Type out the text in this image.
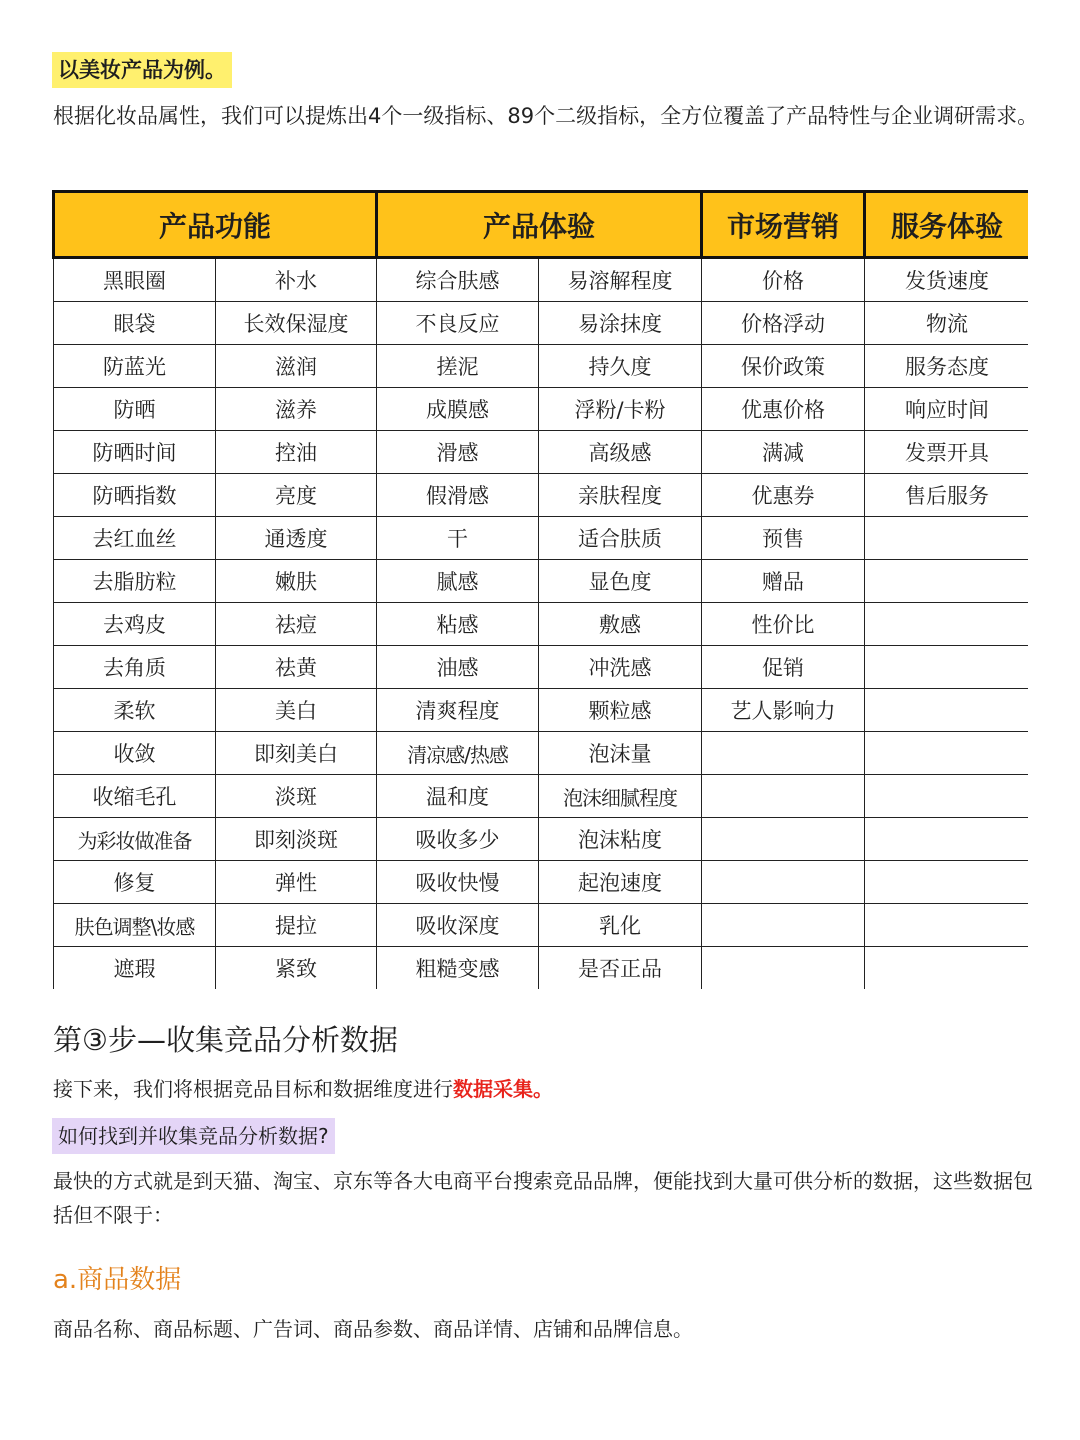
以美妆产品为例。
根据化妆品属性，我们可以提炼出4个一级指标、89个二级指标，全方位覆盖了产品特性与企业调研需求。
产品功能		产品体验		市场营销	服务体验
黑眼圈	补水	综合肤感	易溶解程度	价格	发货速度
眼袋	长效保湿度	不良反应	易涂抹度	价格浮动	物流
防蓝光	滋润	搓泥	持久度	保价政策	服务态度
防晒	滋养	成膜感	浮粉/卡粉	优惠价格	响应时间
防晒时间	控油	滑感	高级感	满减	发票开具
防晒指数	亮度	假滑感	亲肤程度	优惠券	售后服务
去红血丝	通透度	干	适合肤质	预售	
去脂肪粒	嫩肤	腻感	显色度	赠品	
去鸡皮	祛痘	粘感	敷感	性价比	
去角质	祛黄	油感	冲洗感	促销	
柔软	美白	清爽程度	颗粒感	艺人影响力	
收敛	即刻美白	清凉感/热感	泡沫量		
收缩毛孔	淡斑	温和度	泡沫细腻程度		
为彩妆做准备	即刻淡斑	吸收多少	泡沫粘度		
修复	弹性	吸收快慢	起泡速度		
肤色调整\妆感	提拉	吸收深度	乳化		
遮瑕	紧致	粗糙变感	是否正品		
第③步—收集竞品分析数据
接下来，我们将根据竞品目标和数据维度进行数据采集。
如何找到并收集竞品分析数据?
最快的方式就是到天猫、淘宝、京东等各大电商平台搜索竞品品牌，便能找到大量可供分析的数据，这些数据包括但不限于：
a.商品数据
商品名称、商品标题、广告词、商品参数、商品详情、店铺和品牌信息。
